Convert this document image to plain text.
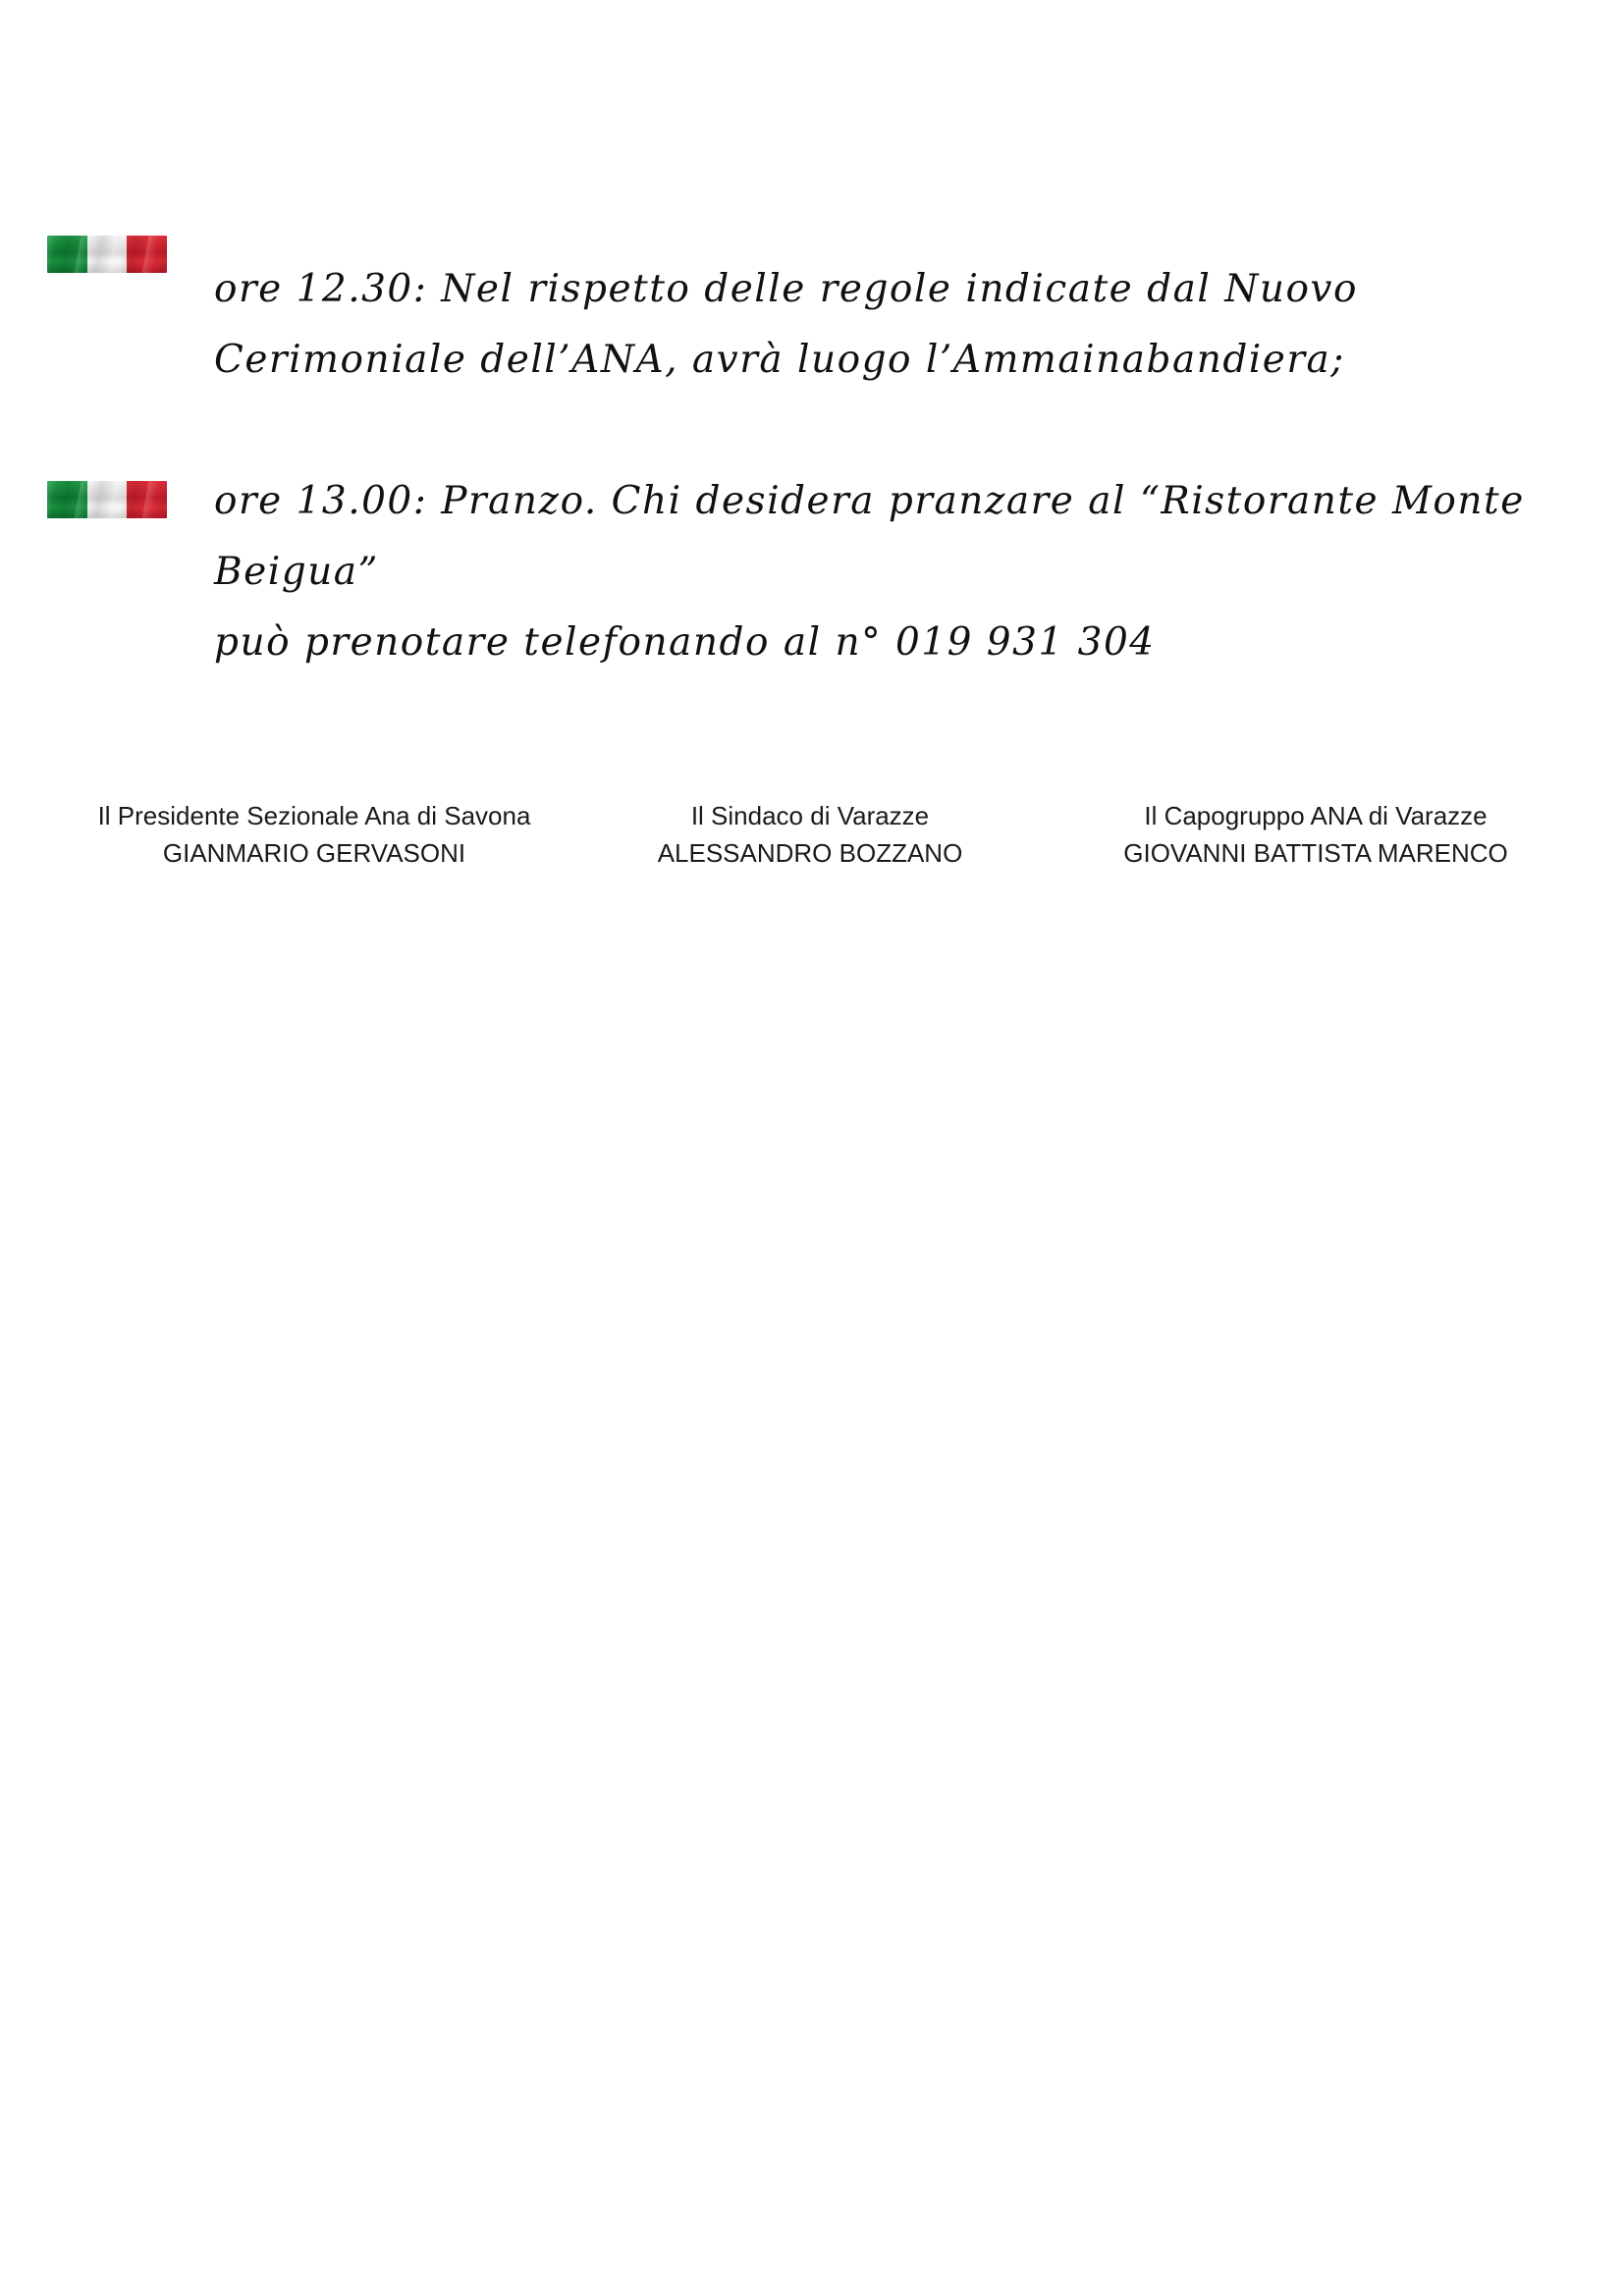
ore 12.30: Nel rispetto delle regole indicate dal Nuovo
Cerimoniale dell’ANA, avrà luogo l’Ammainabandiera;
ore 13.00: Pranzo. Chi desidera pranzare al “Ristorante Monte
Beigua”
può prenotare telefonando al n° 019 931 304
Il Presidente Sezionale Ana di Savona
GIANMARIO GERVASONI
Il Sindaco di Varazze
ALESSANDRO BOZZANO
Il Capogruppo ANA di Varazze
GIOVANNI BATTISTA MARENCO
